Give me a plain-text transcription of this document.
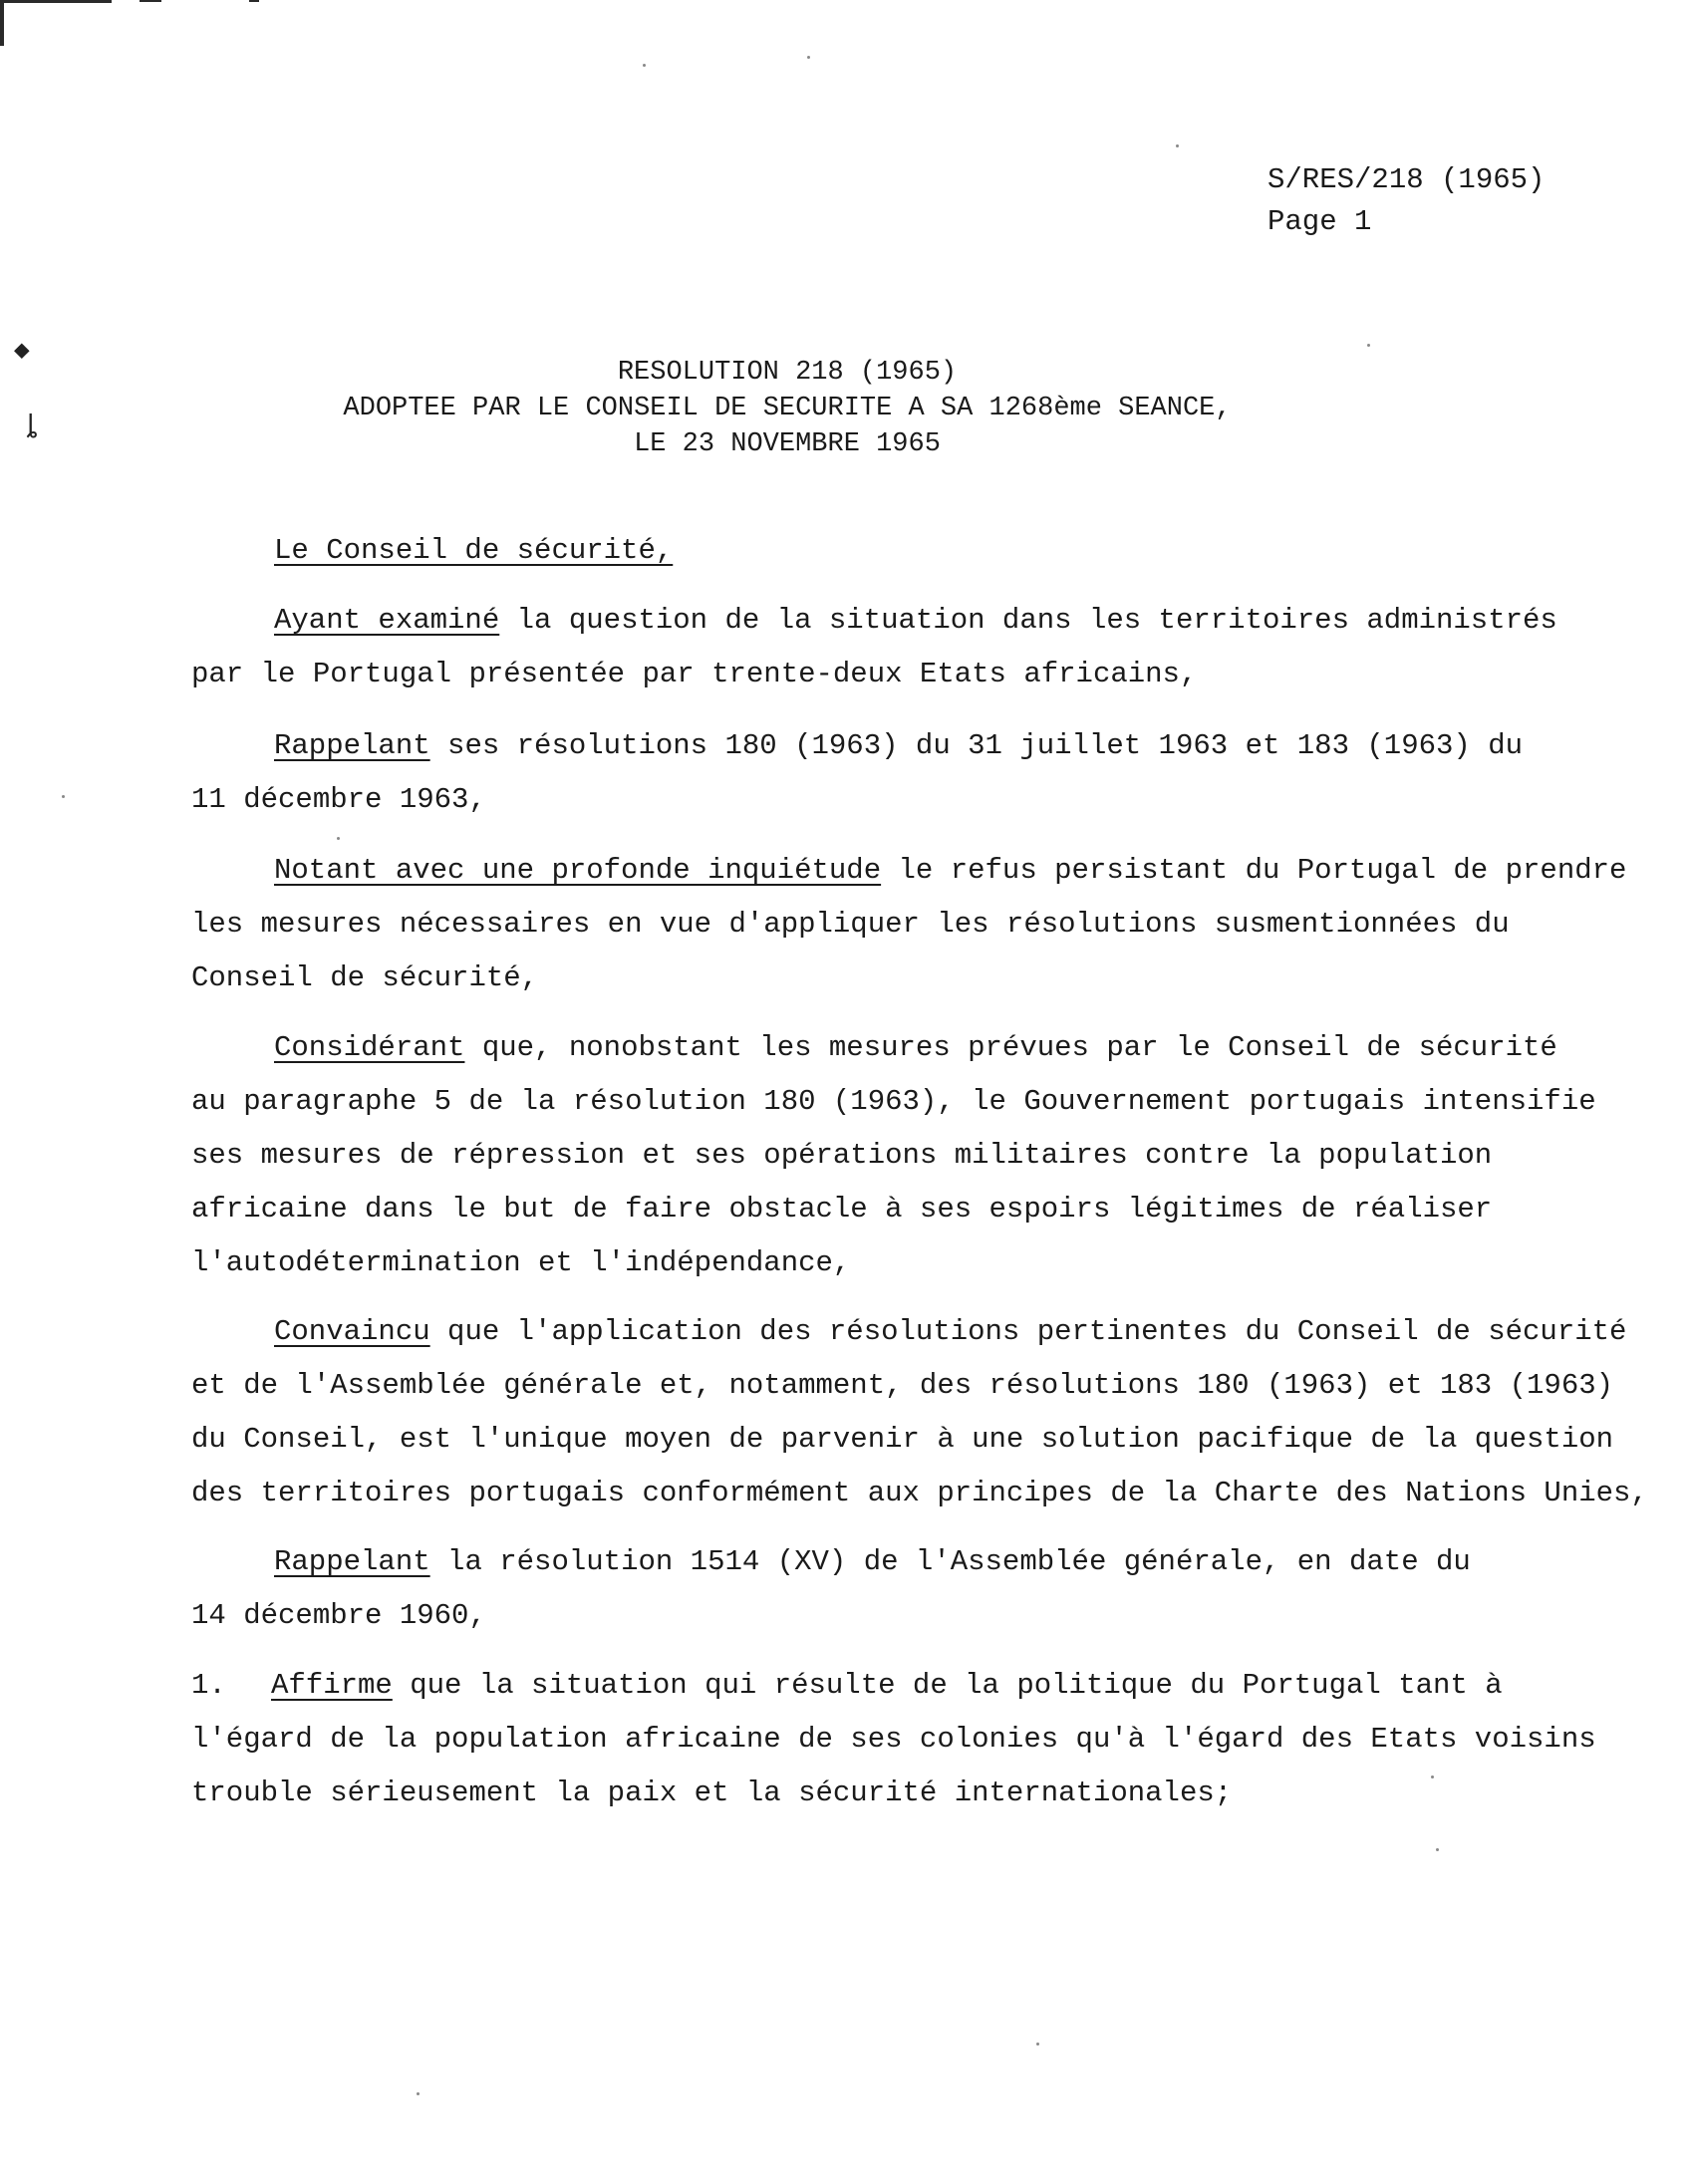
◆
ȴ
S/RES/218 (1965)
Page 1
RESOLUTION 218 (1965)
ADOPTEE PAR LE CONSEIL DE SECURITE A SA 1268ème SEANCE,
LE 23 NOVEMBRE 1965
Le Conseil de sécurité,
Ayant examiné la question de la situation dans les territoires administrés
par le Portugal présentée par trente-deux Etats africains,
Rappelant ses résolutions 180 (1963) du 31 juillet 1963 et 183 (1963) du
11 décembre 1963,
Notant avec une profonde inquiétude le refus persistant du Portugal de prendre
les mesures nécessaires en vue d'appliquer les résolutions susmentionnées du
Conseil de sécurité,
Considérant que, nonobstant les mesures prévues par le Conseil de sécurité
au paragraphe 5 de la résolution 180 (1963), le Gouvernement portugais intensifie
ses mesures de répression et ses opérations militaires contre la population
africaine dans le but de faire obstacle à ses espoirs légitimes de réaliser
l'autodétermination et l'indépendance,
Convaincu que l'application des résolutions pertinentes du Conseil de sécurité
et de l'Assemblée générale et, notamment, des résolutions 180 (1963) et 183 (1963)
du Conseil, est l'unique moyen de parvenir à une solution pacifique de la question
des territoires portugais conformément aux principes de la Charte des Nations Unies,
Rappelant la résolution 1514 (XV) de l'Assemblée générale, en date du
14 décembre 1960,
1. Affirme que la situation qui résulte de la politique du Portugal tant à
l'égard de la population africaine de ses colonies qu'à l'égard des Etats voisins
trouble sérieusement la paix et la sécurité internationales;
